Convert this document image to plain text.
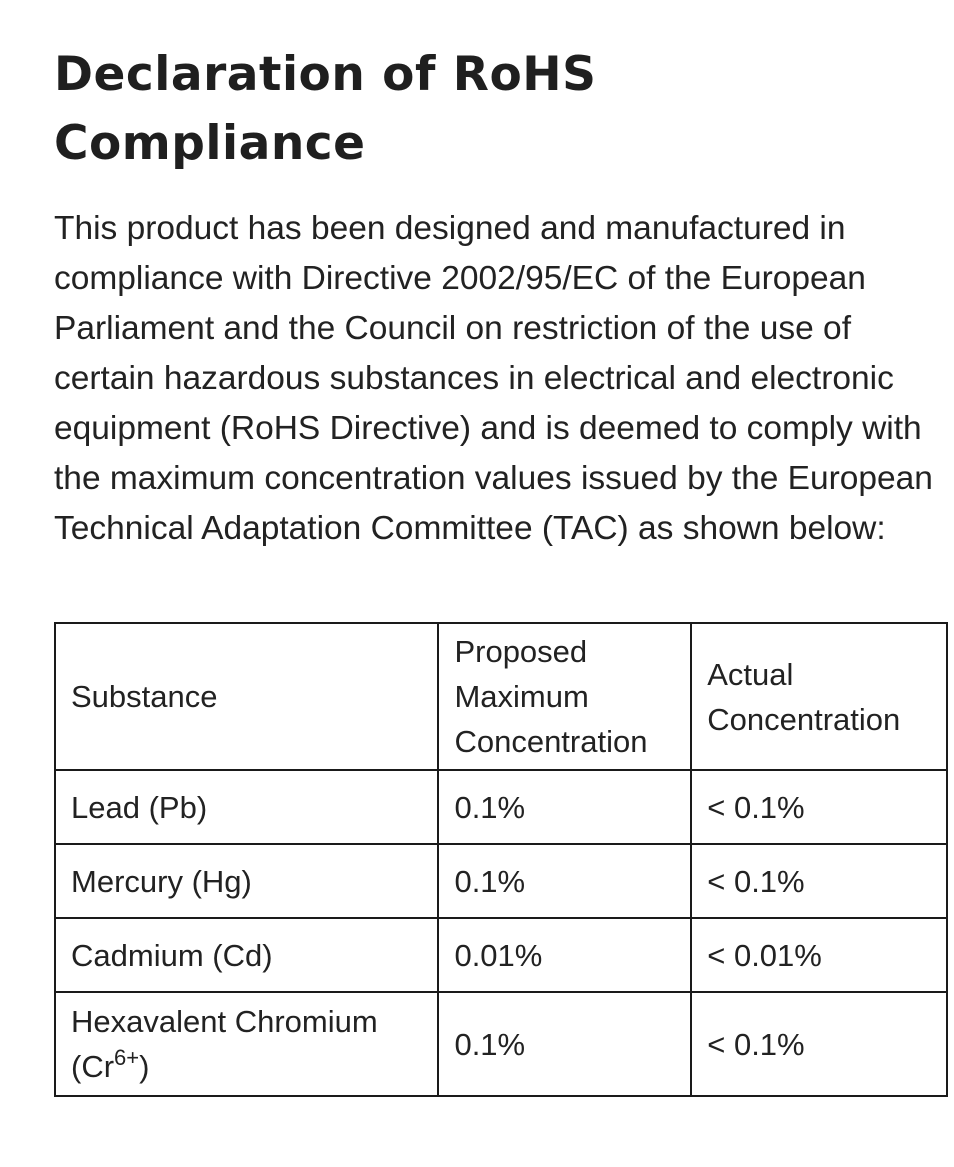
Declaration of RoHS Compliance

This product has been designed and manufactured in compliance with Directive 2002/95/EC of the European Parliament and the Council on restriction of the use of certain hazardous substances in electrical and electronic equipment (RoHS Directive) and is deemed to comply with the maximum concentration values issued by the European Technical Adaptation Committee (TAC) as shown below:

Substance	Proposed Maximum Concentration	Actual Concentration
Lead (Pb)	0.1%	< 0.1%
Mercury (Hg)	0.1%	< 0.1%
Cadmium (Cd)	0.01%	< 0.01%
Hexavalent Chromium $(Cr^{6+})$	0.1%	< 0.1%
